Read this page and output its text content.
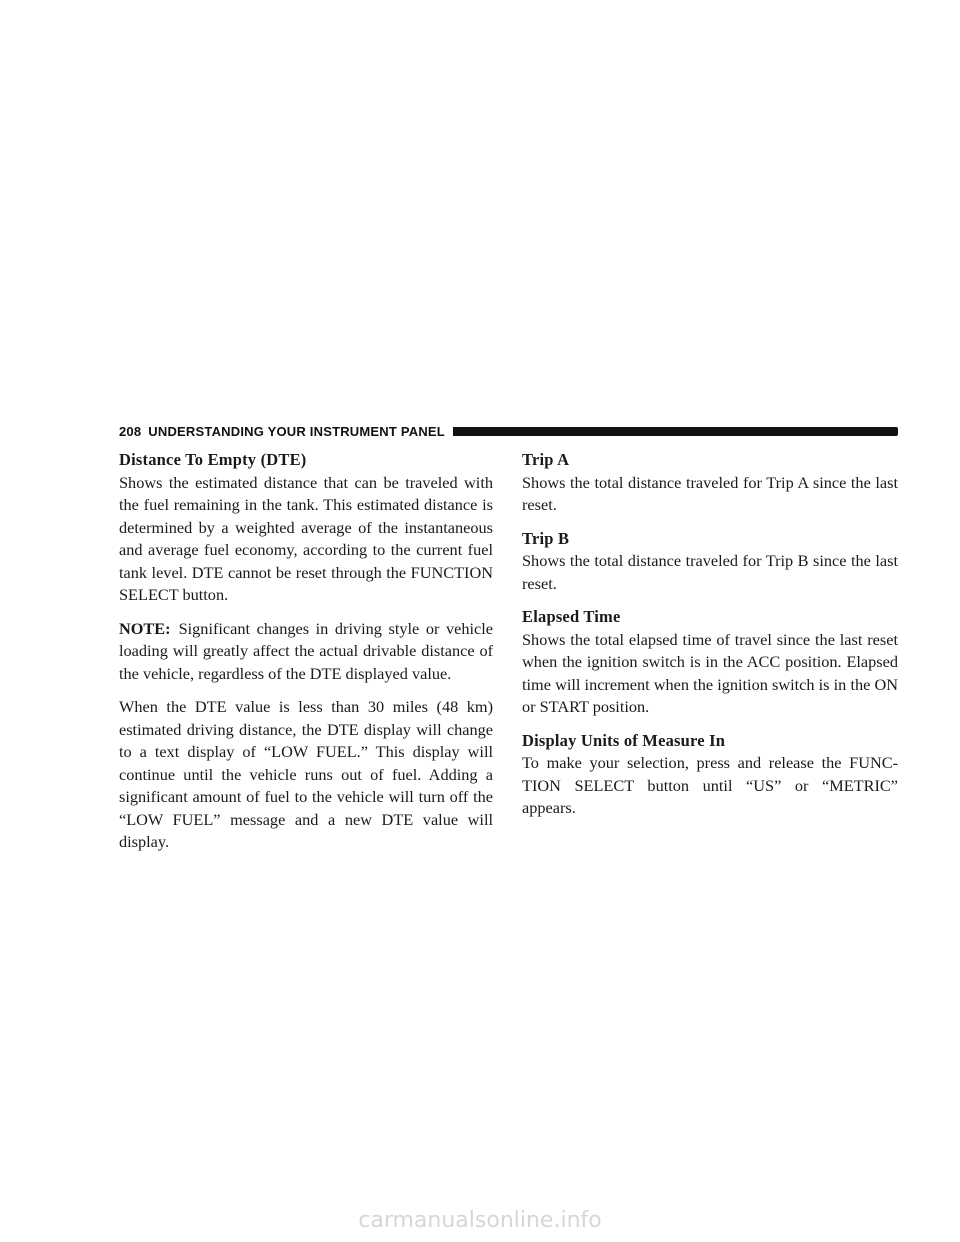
208 UNDERSTANDING YOUR INSTRUMENT PANEL
Distance To Empty (DTE)

Shows the estimated distance that can be traveled with the fuel remaining in the tank. This estimated distance is determined by a weighted average of the instantaneous and average fuel economy, according to the current fuel tank level. DTE cannot be reset through the FUNCTION SELECT button.

NOTE: Significant changes in driving style or vehicle loading will greatly affect the actual drivable distance of the vehicle, regardless of the DTE displayed value.

When the DTE value is less than 30 miles (48 km) estimated driving distance, the DTE display will change to a text display of “LOW FUEL.” This display will continue until the vehicle runs out of fuel. Adding a significant amount of fuel to the vehicle will turn off the “LOW FUEL” message and a new DTE value will display.

Trip A

Shows the total distance traveled for Trip A since the last reset.

Trip B

Shows the total distance traveled for Trip B since the last reset.

Elapsed Time

Shows the total elapsed time of travel since the last reset when the ignition switch is in the ACC position. Elapsed time will increment when the ignition switch is in the ON or START position.

Display Units of Measure In

To make your selection, press and release the FUNC-TION SELECT button until “US” or “METRIC” appears.

carmanualsonline.info
